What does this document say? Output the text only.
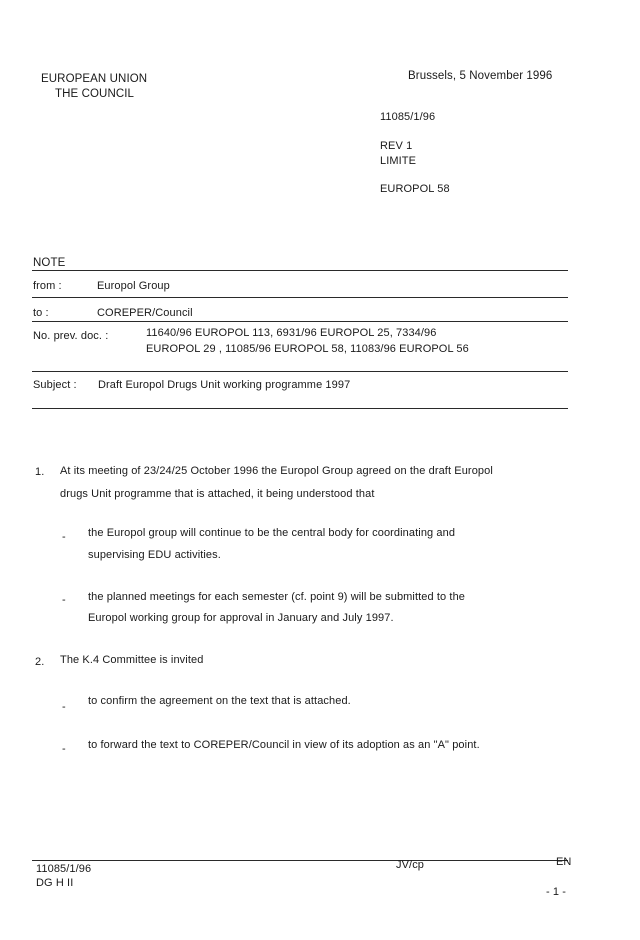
EUROPEAN UNION
THE COUNCIL
Brussels, 5 November 1996
11085/1/96
REV 1
LIMITE
EUROPOL 58
NOTE
from :	Europol Group
to :	COREPER/Council
No. prev. doc. :	11640/96 EUROPOL 113, 6931/96 EUROPOL 25, 7334/96
EUROPOL 29 , 11085/96 EUROPOL 58, 11083/96 EUROPOL 56
Subject : Draft Europol Drugs Unit working programme 1997
1. At its meeting of 23/24/25 October 1996 the Europol Group agreed on the draft Europol
drugs Unit programme that is attached, it being understood that
- the Europol group will continue to be the central body for coordinating and
supervising EDU activities.
- the planned meetings for each semester (cf. point 9) will be submitted to the
Europol working group for approval in January and July 1997.
2. The K.4 Committee is invited
- to confirm the agreement on the text that is attached.
- to forward the text to COREPER/Council in view of its adoption as an "A" point.
11085/1/96
DG H II
JV/cp	EN
- 1 -
